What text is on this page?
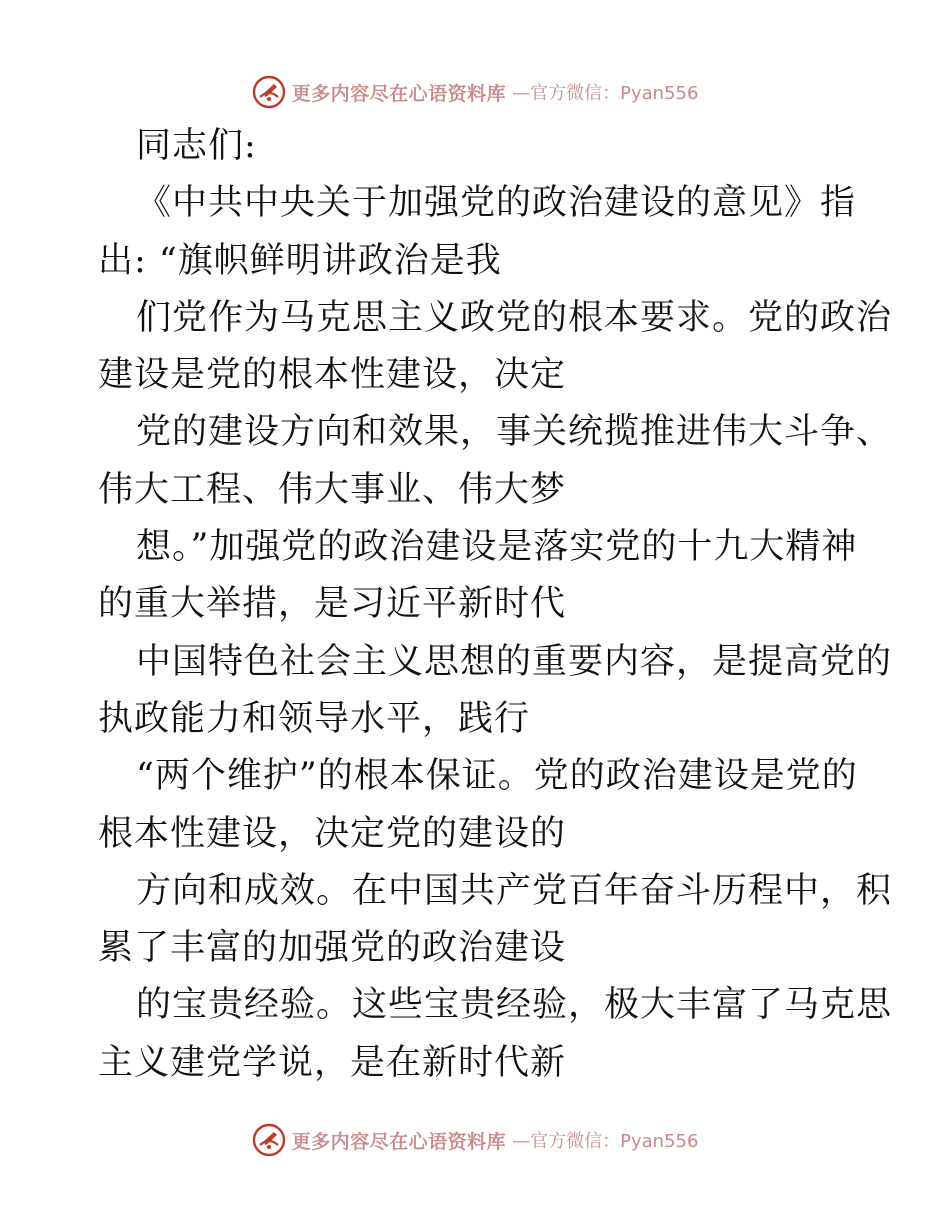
更多内容尽在心语资料库 —官方微信：Pyan556
同志们:
《中共中央关于加强党的政治建设的意见》指
出: “旗帜鲜明讲政治是我
们党作为马克思主义政党的根本要求。党的政治
建设是党的根本性建设，决定
党的建设方向和效果，事关统揽推进伟大斗争、
伟大工程、伟大事业、伟大梦
想。”加强党的政治建设是落实党的十九大精神
的重大举措，是习近平新时代
中国特色社会主义思想的重要内容，是提高党的
执政能力和领导水平，践行
“两个维护”的根本保证。党的政治建设是党的
根本性建设，决定党的建设的
方向和成效。在中国共产党百年奋斗历程中，积
累了丰富的加强党的政治建设
的宝贵经验。这些宝贵经验，极大丰富了马克思
主义建党学说，是在新时代新
更多内容尽在心语资料库 —官方微信：Pyan556
